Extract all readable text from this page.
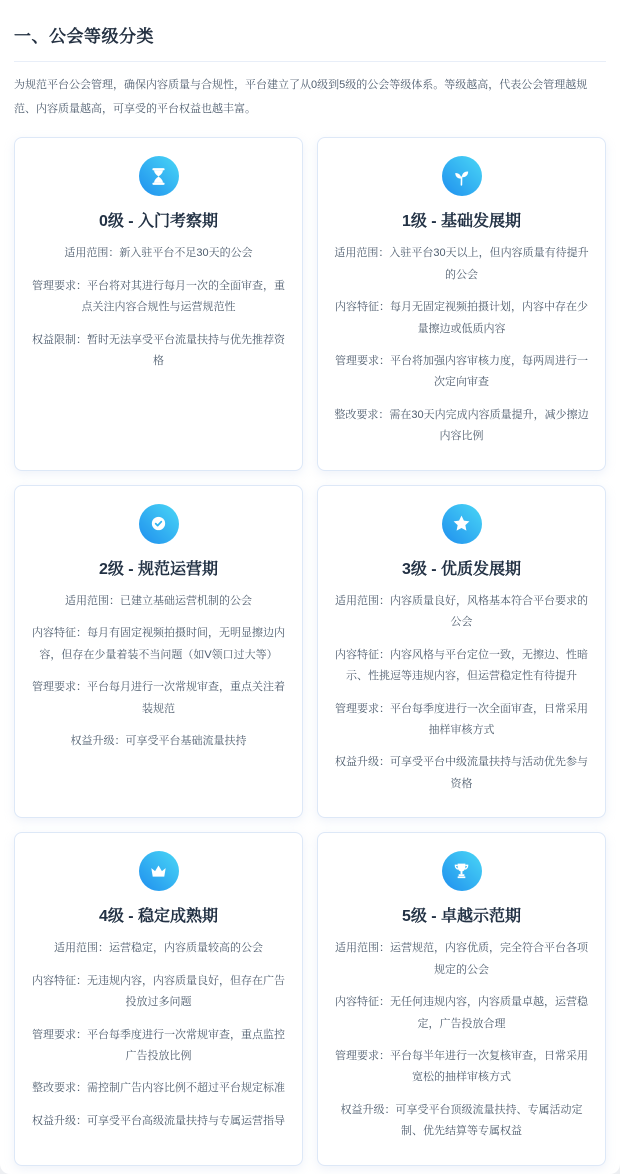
一、公会等级分类

为规范平台公会管理，确保内容质量与合规性，平台建立了从0级到5级的公会等级体系。等级越高，代表公会管理越规范、内容质量越高，可享受的平台权益也越丰富。

0级 - 入门考察期

适用范围：新入驻平台不足30天的公会

管理要求：平台将对其进行每月一次的全面审查，重点关注内容合规性与运营规范性

权益限制：暂时无法享受平台流量扶持与优先推荐资格

1级 - 基础发展期

适用范围：入驻平台30天以上，但内容质量有待提升的公会

内容特征：每月无固定视频拍摄计划，内容中存在少量擦边或低质内容

管理要求：平台将加强内容审核力度，每两周进行一次定向审查

整改要求：需在30天内完成内容质量提升，减少擦边内容比例

2级 - 规范运营期

适用范围：已建立基础运营机制的公会

内容特征：每月有固定视频拍摄时间，无明显擦边内容，但存在少量着装不当问题（如V领口过大等）

管理要求：平台每月进行一次常规审查，重点关注着装规范

权益升级：可享受平台基础流量扶持

3级 - 优质发展期

适用范围：内容质量良好，风格基本符合平台要求的公会

内容特征：内容风格与平台定位一致，无擦边、性暗示、性挑逗等违规内容，但运营稳定性有待提升

管理要求：平台每季度进行一次全面审查，日常采用抽样审核方式

权益升级：可享受平台中级流量扶持与活动优先参与资格

4级 - 稳定成熟期

适用范围：运营稳定，内容质量较高的公会

内容特征：无违规内容，内容质量良好，但存在广告投放过多问题

管理要求：平台每季度进行一次常规审查，重点监控广告投放比例

整改要求：需控制广告内容比例不超过平台规定标准

权益升级：可享受平台高级流量扶持与专属运营指导

5级 - 卓越示范期

适用范围：运营规范，内容优质，完全符合平台各项规定的公会

内容特征：无任何违规内容，内容质量卓越，运营稳定，广告投放合理

管理要求：平台每半年进行一次复核审查，日常采用宽松的抽样审核方式

权益升级：可享受平台顶级流量扶持、专属活动定制、优先结算等专属权益
